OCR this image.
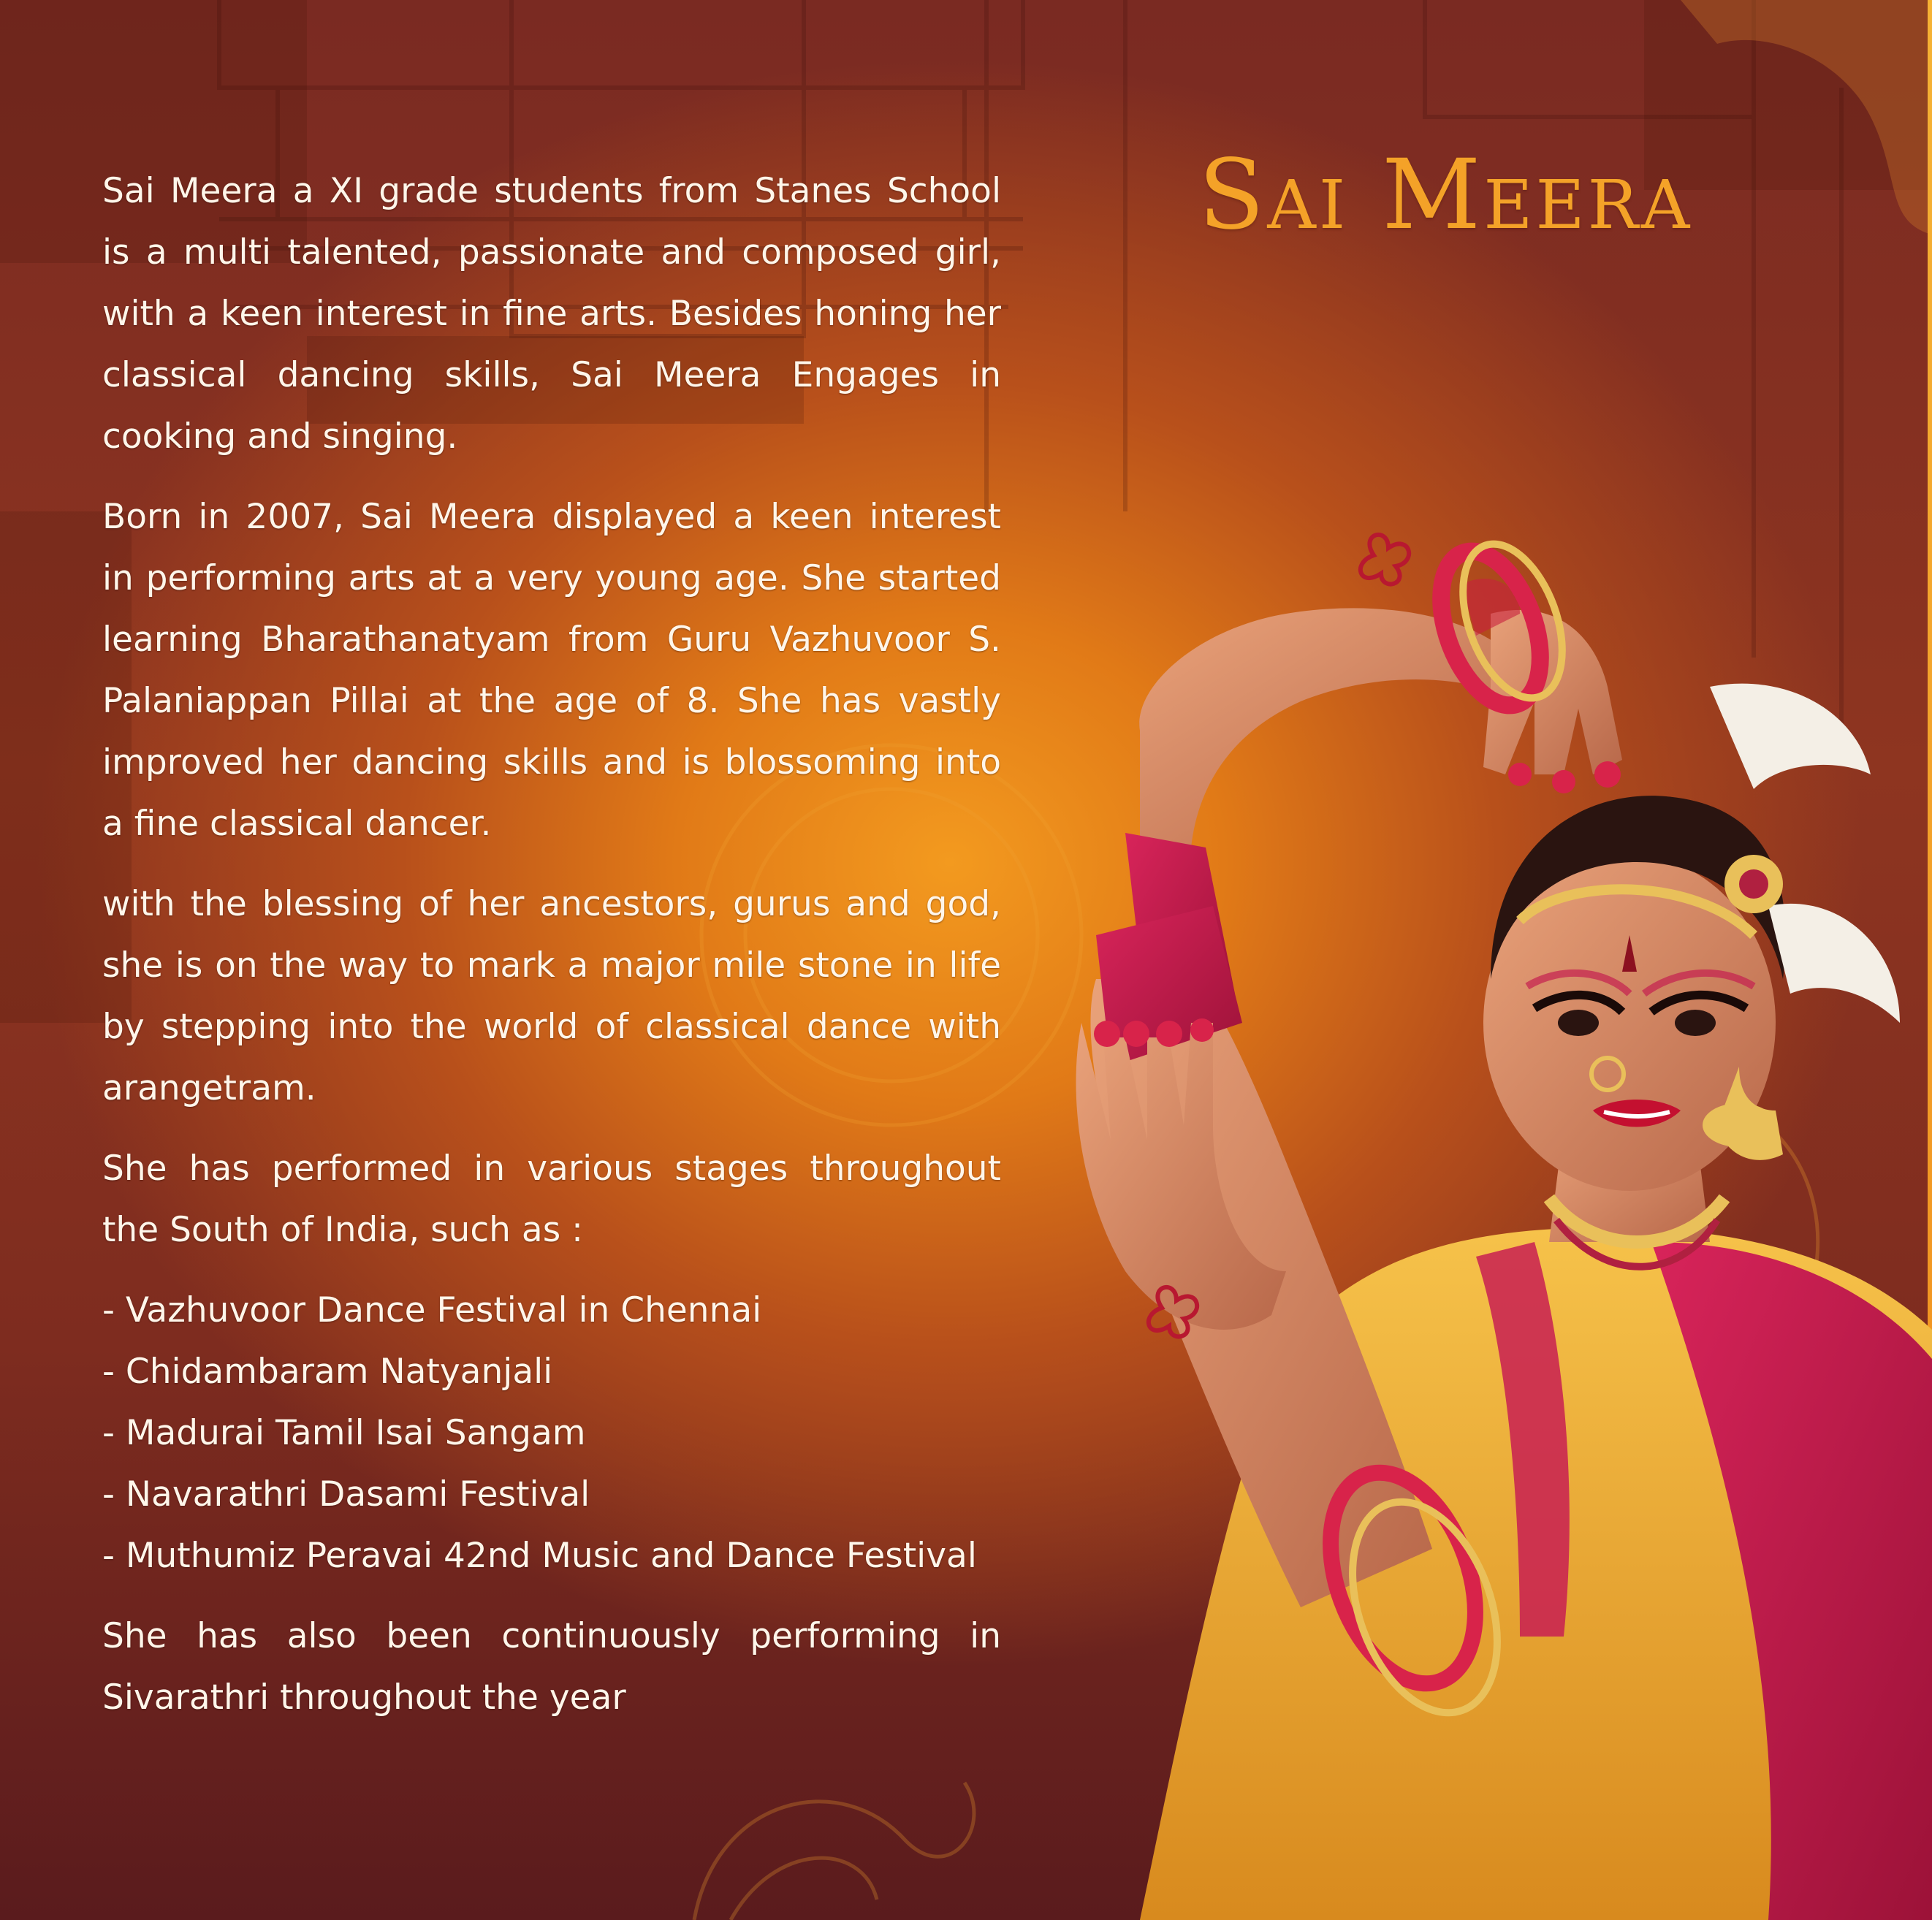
Sai Meera

Sai Meera a XI grade students from Stanes School is a multi talented, passionate and composed girl, with a keen interest in fine arts. Besides honing her classical dancing skills, Sai Meera Engages in cooking and singing.

Born in 2007, Sai Meera displayed a keen interest in performing arts at a very young age. She started learning Bharathanatyam from Guru Vazhuvoor S. Palaniappan Pillai at the age of 8. She has vastly improved her dancing skills and is blossoming into a fine classical dancer.

with the blessing of her ancestors, gurus and god, she is on the way to mark a major mile stone in life by stepping into the world of classical dance with arangetram.

She has performed in various stages throughout the South of India, such as :

- Vazhuvoor Dance Festival in Chennai
- Chidambaram Natyanjali
- Madurai Tamil Isai Sangam
- Navarathri Dasami Festival
- Muthumiz Peravai 42nd Music and Dance Festival

She has also been continuously performing in Sivarathri throughout the year
